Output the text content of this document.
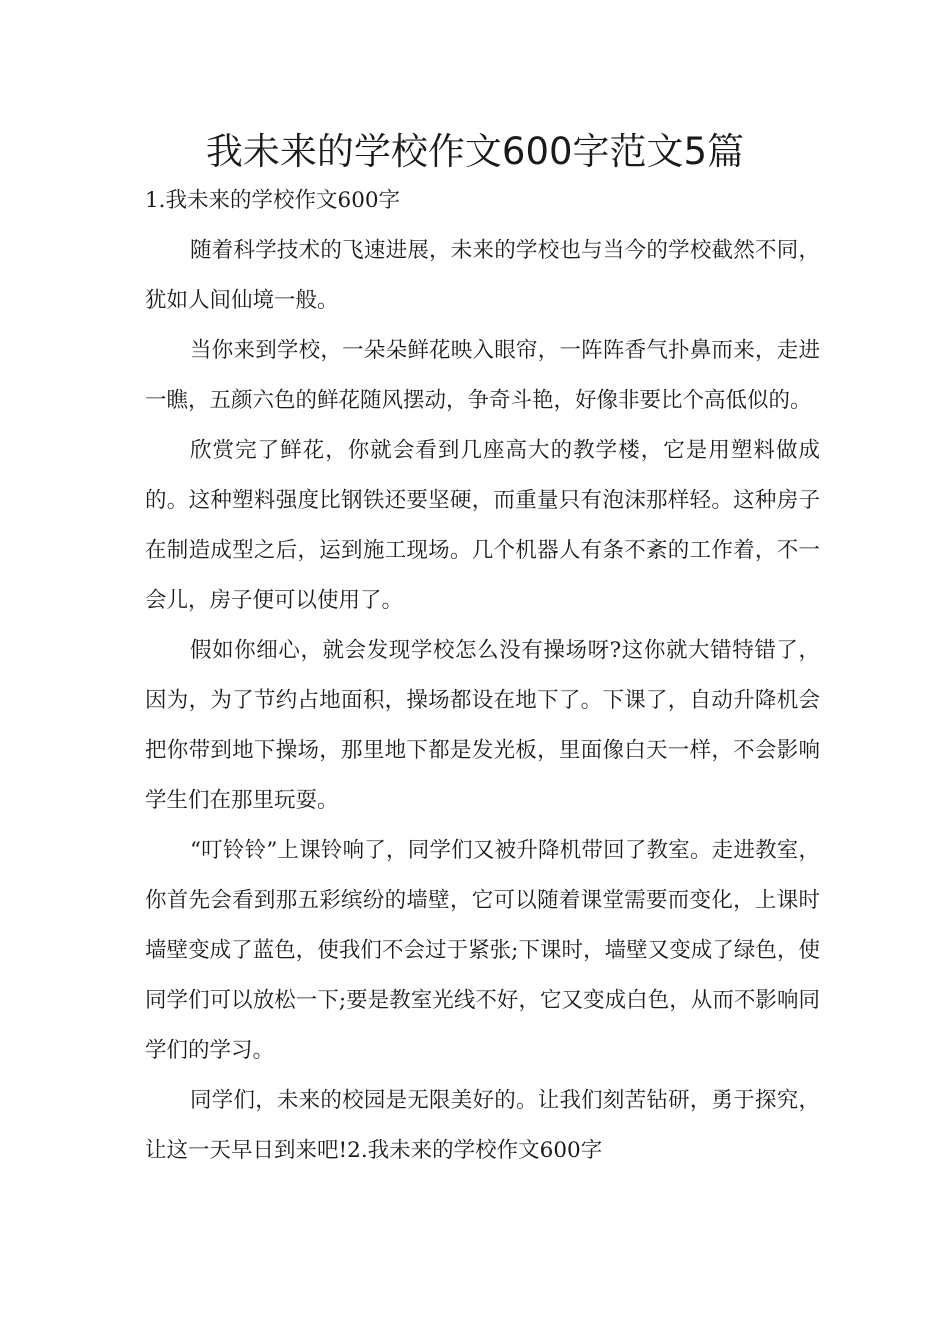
我未来的学校作文600字范文5篇

1.我未来的学校作文600字

随着科学技术的飞速进展，未来的学校也与当今的学校截然不同，犹如人间仙境一般。

当你来到学校，一朵朵鲜花映入眼帘，一阵阵香气扑鼻而来，走进一瞧，五颜六色的鲜花随风摆动，争奇斗艳，好像非要比个高低似的。

欣赏完了鲜花，你就会看到几座高大的教学楼，它是用塑料做成的。这种塑料强度比钢铁还要坚硬，而重量只有泡沫那样轻。这种房子在制造成型之后，运到施工现场。几个机器人有条不紊的工作着，不一会儿，房子便可以使用了。

假如你细心，就会发现学校怎么没有操场呀?这你就大错特错了，因为，为了节约占地面积，操场都设在地下了。下课了，自动升降机会把你带到地下操场，那里地下都是发光板，里面像白天一样，不会影响学生们在那里玩耍。

“叮铃铃”上课铃响了，同学们又被升降机带回了教室。走进教室，你首先会看到那五彩缤纷的墙壁，它可以随着课堂需要而变化，上课时墙壁变成了蓝色，使我们不会过于紧张;下课时，墙壁又变成了绿色，使同学们可以放松一下;要是教室光线不好，它又变成白色，从而不影响同学们的学习。

同学们，未来的校园是无限美好的。让我们刻苦钻研，勇于探究，让这一天早日到来吧!2.我未来的学校作文600字
